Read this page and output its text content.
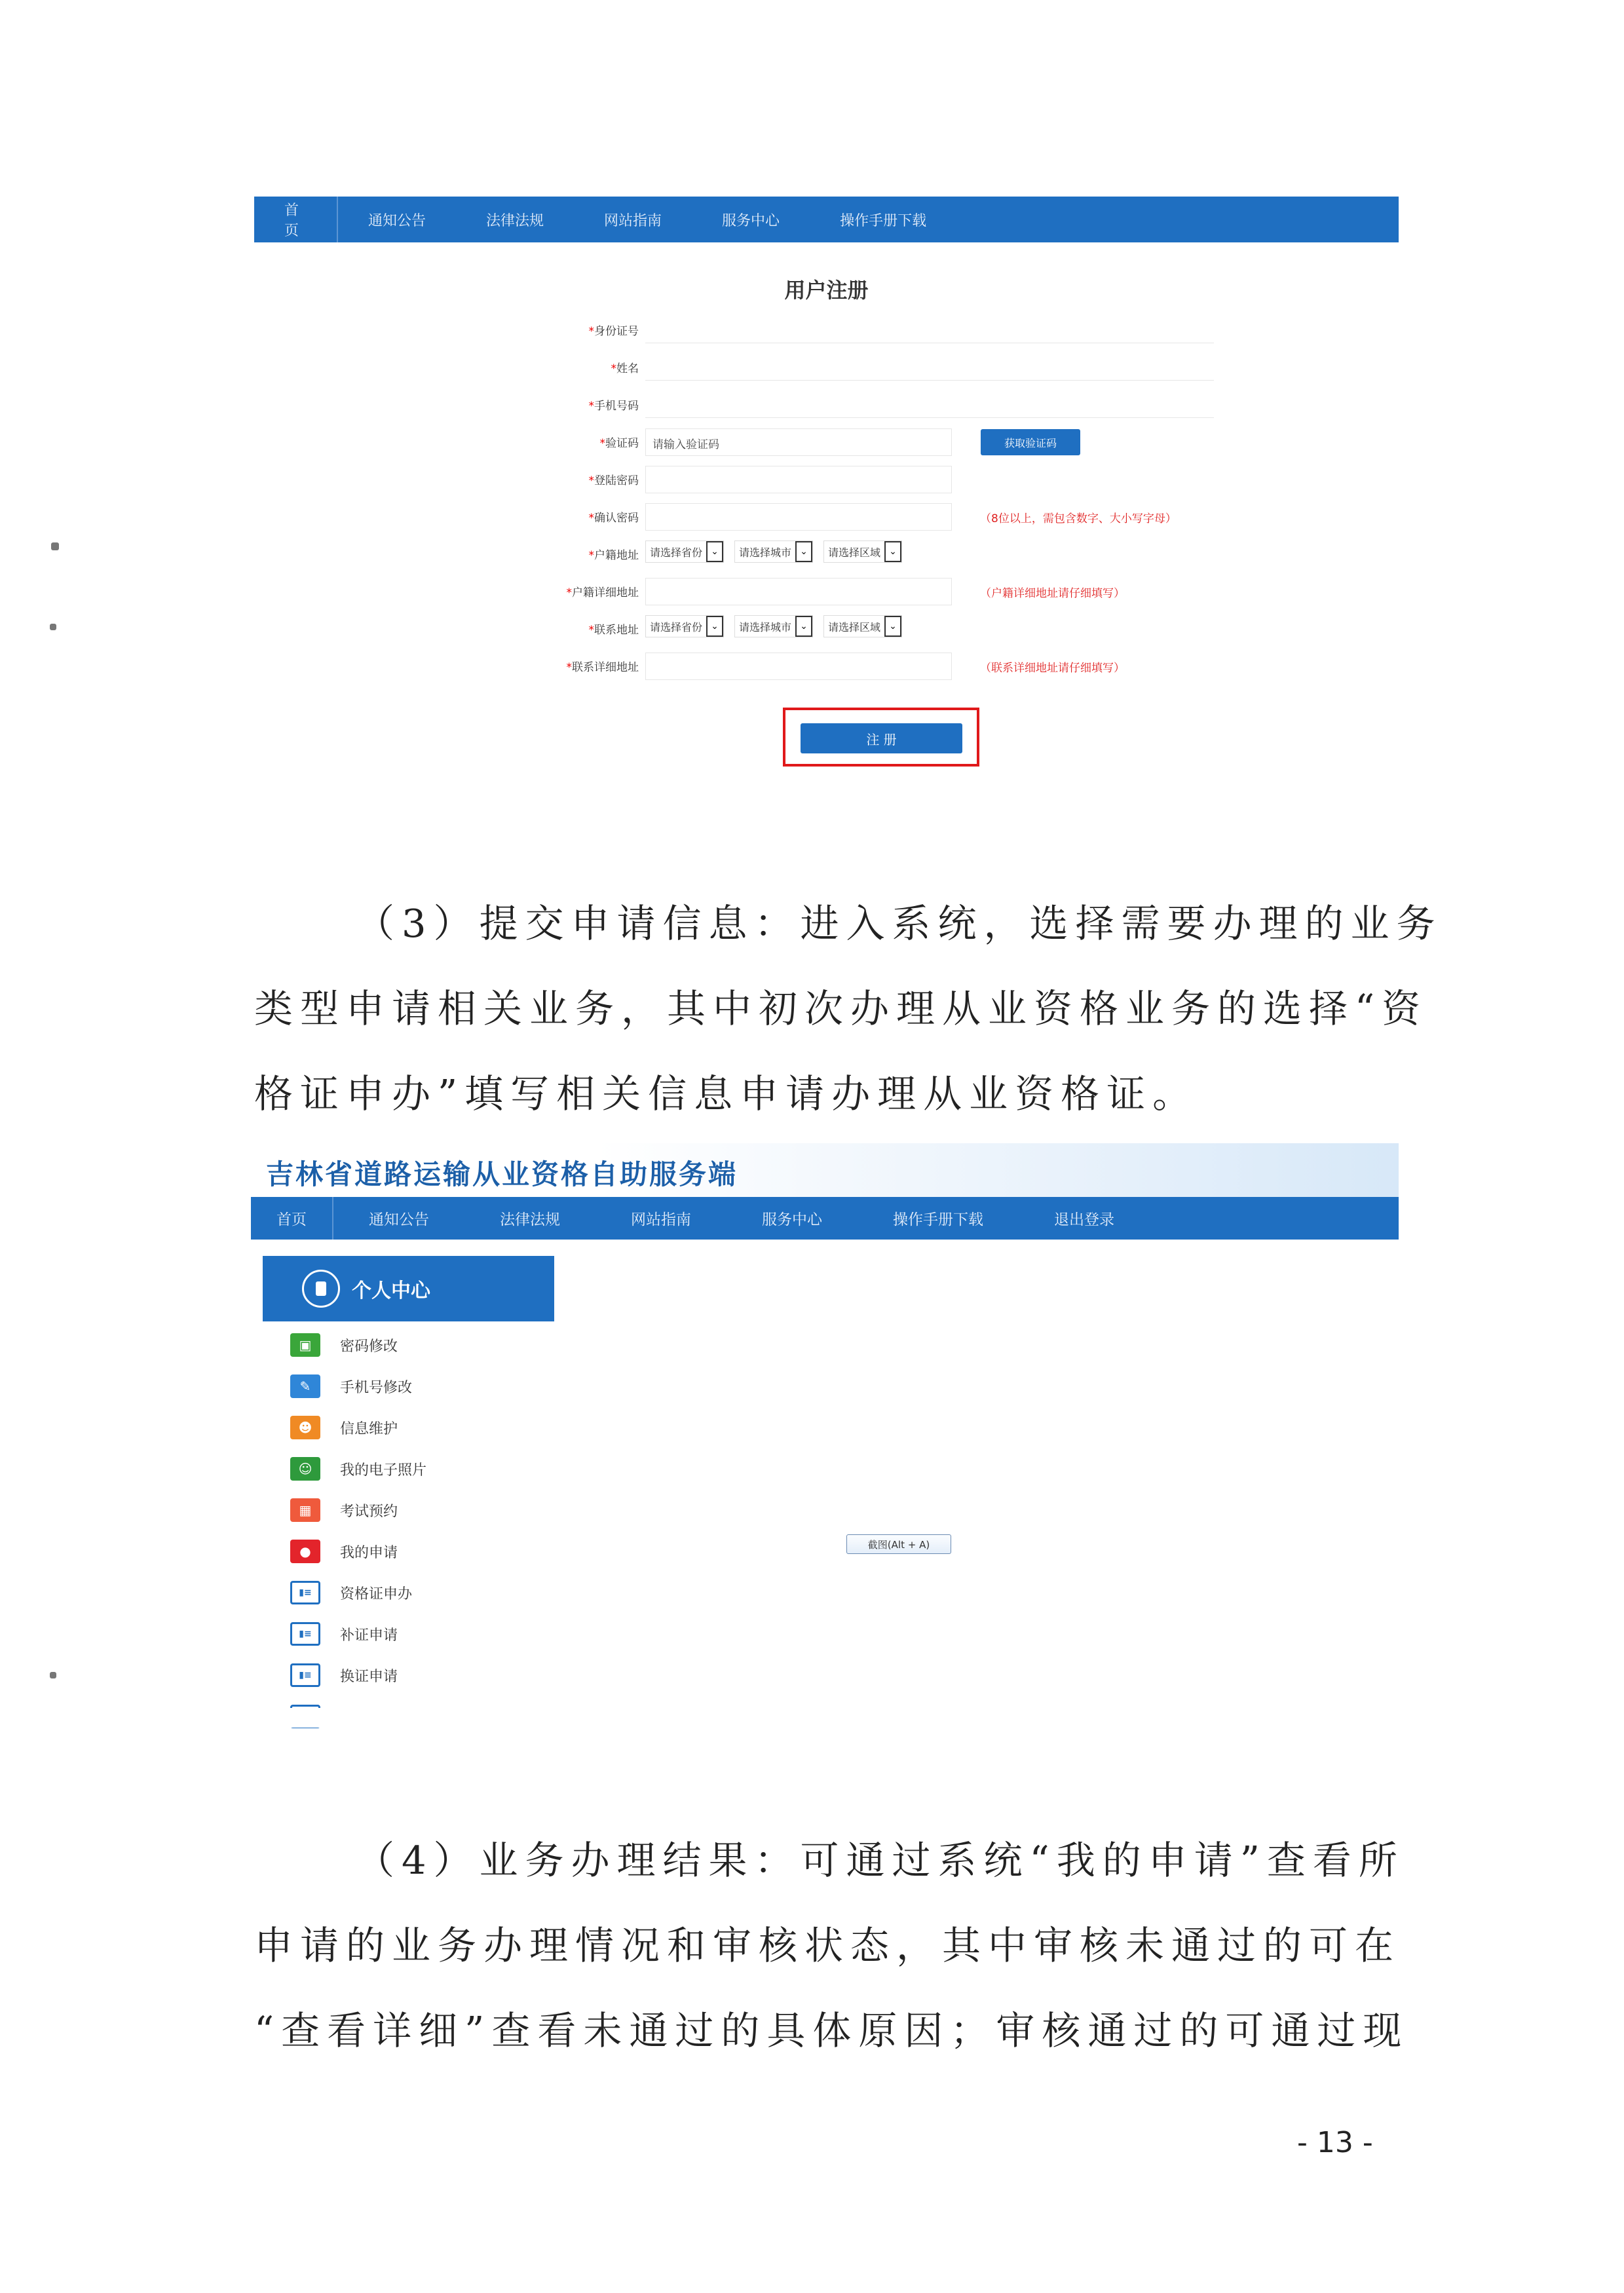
首页
通知公告	法律法规	网站指南	服务中心	操作手册下载
用户注册
*身份证号
*姓名
*手机号码
*验证码 请输入验证码	获取验证码
*登陆密码
*确认密码	（8位以上，需包含数字、大小写字母）
*户籍地址 请选择省份 ⌄	请选择城市 ⌄	请选择区域 ⌄
*户籍详细地址	（户籍详细地址请仔细填写）
*联系地址 请选择省份 ⌄	请选择城市 ⌄	请选择区域 ⌄
*联系详细地址	（联系详细地址请仔细填写）
注 册
（3）提交申请信息：进入系统，选择需要办理的业务
类型申请相关业务，其中初次办理从业资格业务的选择“资
格证申办”填写相关信息申请办理从业资格证。
吉林省道路运输从业资格自助服务端
首页	通知公告	法律法规	网站指南	服务中心	操作手册下载	退出登录
个人中心
▣	密码修改
✎	手机号修改
☻	信息维护
☺	我的电子照片
▦	考试预约
●	我的申请
▮≡	资格证申办
▮≡	补证申请
▮≡	换证申请
截图(Alt + A)
（4）业务办理结果：可通过系统“我的申请”查看所
申请的业务办理情况和审核状态，其中审核未通过的可在
“查看详细”查看未通过的具体原因；审核通过的可通过现
- 13 -
